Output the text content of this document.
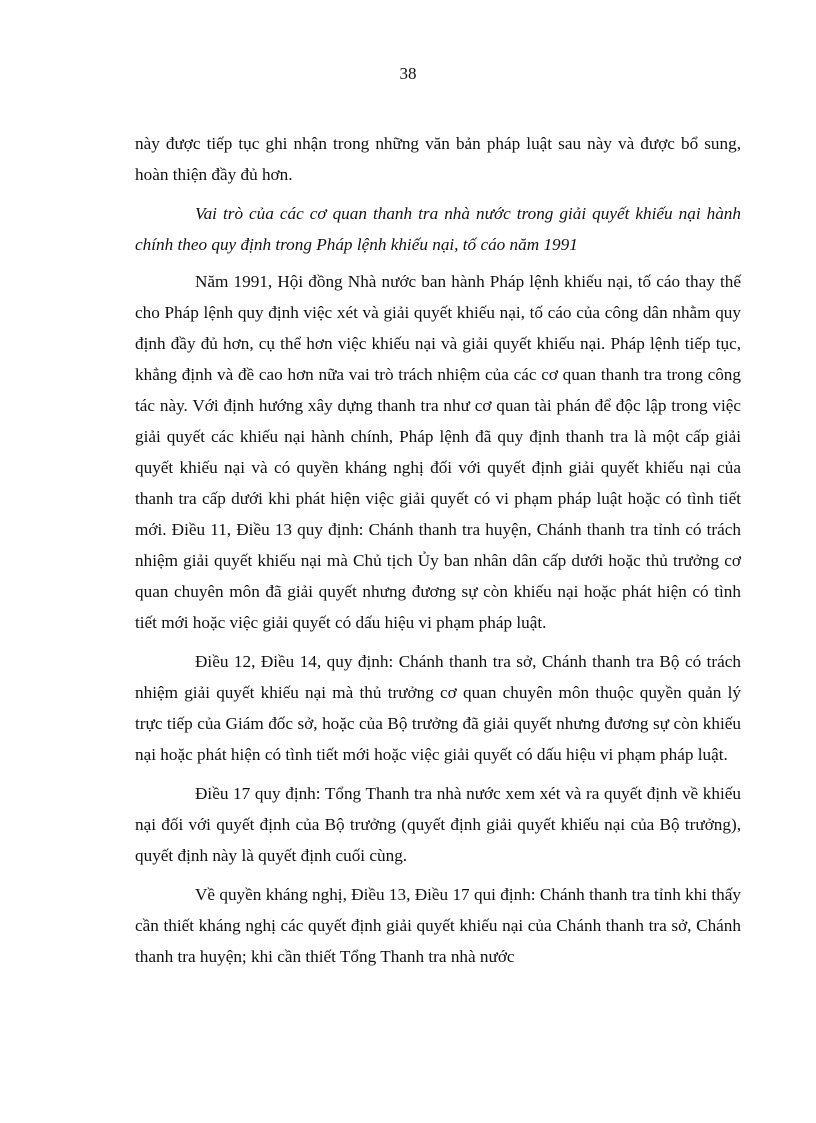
38

này được tiếp tục ghi nhận trong những văn bản pháp luật sau này và được bổ sung, hoàn thiện đầy đủ hơn.

Vai trò của các cơ quan thanh tra nhà nước trong giải quyết khiếu nại hành chính theo quy định trong Pháp lệnh khiếu nại, tố cáo năm 1991

Năm 1991, Hội đồng Nhà nước ban hành Pháp lệnh khiếu nại, tố cáo thay thế cho Pháp lệnh quy định việc xét và giải quyết khiếu nại, tố cáo của công dân nhằm quy định đầy đủ hơn, cụ thể hơn việc khiếu nại và giải quyết khiếu nại. Pháp lệnh tiếp tục, khẳng định và đề cao hơn nữa vai trò trách nhiệm của các cơ quan thanh tra trong công tác này. Với định hướng xây dựng thanh tra như cơ quan tài phán để độc lập trong việc giải quyết các khiếu nại hành chính, Pháp lệnh đã quy định thanh tra là một cấp giải quyết khiếu nại và có quyền kháng nghị đối với quyết định giải quyết khiếu nại của thanh tra cấp dưới khi phát hiện việc giải quyết có vi phạm pháp luật hoặc có tình tiết mới. Điều 11, Điều 13 quy định: Chánh thanh tra huyện, Chánh thanh tra tỉnh có trách nhiệm giải quyết khiếu nại mà Chủ tịch Ủy ban nhân dân cấp dưới hoặc thủ trưởng cơ quan chuyên môn đã giải quyết nhưng đương sự còn khiếu nại hoặc phát hiện có tình tiết mới hoặc việc giải quyết có dấu hiệu vi phạm pháp luật.

Điều 12, Điều 14, quy định: Chánh thanh tra sở, Chánh thanh tra Bộ có trách nhiệm giải quyết khiếu nại mà thủ trưởng cơ quan chuyên môn thuộc quyền quản lý trực tiếp của Giám đốc sở, hoặc của Bộ trưởng đã giải quyết nhưng đương sự còn khiếu nại hoặc phát hiện có tình tiết mới hoặc việc giải quyết có dấu hiệu vi phạm pháp luật.

Điều 17 quy định: Tổng Thanh tra nhà nước xem xét và ra quyết định về khiếu nại đối với quyết định của Bộ trưởng (quyết định giải quyết khiếu nại của Bộ trưởng), quyết định này là quyết định cuối cùng.

Về quyền kháng nghị, Điều 13, Điều 17 qui định: Chánh thanh tra tỉnh khi thấy cần thiết kháng nghị các quyết định giải quyết khiếu nại của Chánh thanh tra sở, Chánh thanh tra huyện; khi cần thiết Tổng Thanh tra nhà nước
